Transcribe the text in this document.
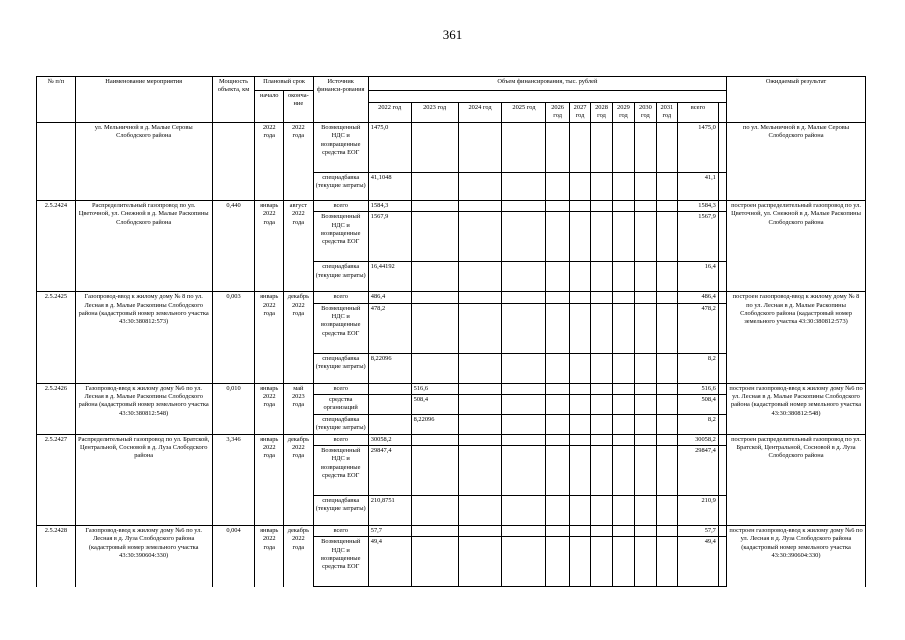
361
№ п/п	Наименование мероприятия	Мощность объекта, км	Плановый срок		Источник финанси-рования	Объем финансирования, тыс. рублей												Ожидаемый результат
			начало	оконча-ние														
						2022 год	2023 год	2024 год	2025 год	2026 год	2027 год	2028 год	2029 год	2030 год	2031 год	всего		
	ул. Мельничной в д. Малые Серовы Слободского района		2022 года	2022 года	Возмещенный НДС и возвращенные средства ЕОГ	1475,0										1475,0		по ул. Мельничной в д. Малые Серовы Слободского района
					спецнадбавка (текущие затраты)	41,1048										41,1		
2.5.2424	Распределительный газопровод по ул. Цветочной, ул. Снежной в д. Малые Раскопины Слободского района	0,440	январь 2022 года	август 2022 года	всего	1584,3										1584,3		построен распределительный газопровод по ул. Цветочной, ул. Снежной в д. Малые Раскопины Слободского района
					Возмещенный НДС и возвращенные средства ЕОГ	1567,9										1567,9		
					спецнадбавка (текущие затраты)	16,44192										16,4		
2.5.2425	Газопровод-ввод к жилому дому № 8 по ул. Лесная в д. Малые Раскопины Слободского района (кадастровый номер земельного участка 43:30:380812:573)	0,003	январь 2022 года	декабрь 2022 года	всего	486,4										486,4		построен газопровод-ввод к жилому дому № 8 по ул. Лесная в д. Малые Раскопины Слободского района (кадастровый номер земельного участка 43:30:380812:573)
					Возмещенный НДС и возвращенные средства ЕОГ	478,2										478,2		
					спецнадбавка (текущие затраты)	8,22096										8,2		
2.5.2426	Газопровод-ввод к жилому дому №6 по ул. Лесная в д. Малые Раскопины Слободского района (кадастровый номер земельного участка 43:30:380812:548)	0,010	январь 2022 года	май 2023 года	всего		516,6									516,6		построен газопровод-ввод к жилому дому №6 по ул. Лесная в д. Малые Раскопины Слободского района (кадастровый номер земельного участка 43:30:380812:548)
					средства организаций		508,4									508,4		
					спецнадбавка (текущие затраты)		8,22096									8,2		
2.5.2427	Распределительный газопровод по ул. Братской, Центральной, Сосновой в д. Луза Слободского района	3,346	январь 2022 года	декабрь 2022 года	всего	30058,2										30058,2		построен распределительный газопровод по ул. Братской, Центральной, Сосновой в д. Луза Слободского района
					Возмещенный НДС и возвращенные средства ЕОГ	29847,4										29847,4		
					спецнадбавка (текущие затраты)	210,8751										210,9		
2.5.2428	Газопровод-ввод к жилому дому №6 по ул. Лесная в д. Луза Слободского района (кадастровый номер земельного участка 43:30:390604:330)	0,004	январь 2022 года	декабрь 2022 года	всего	57,7										57,7		построен газопровод-ввод к жилому дому №6 по ул. Лесная в д. Луза Слободского района (кадастровый номер земельного участка 43:30:390604:330)
					Возмещенный НДС и возвращенные средства ЕОГ	49,4										49,4		
